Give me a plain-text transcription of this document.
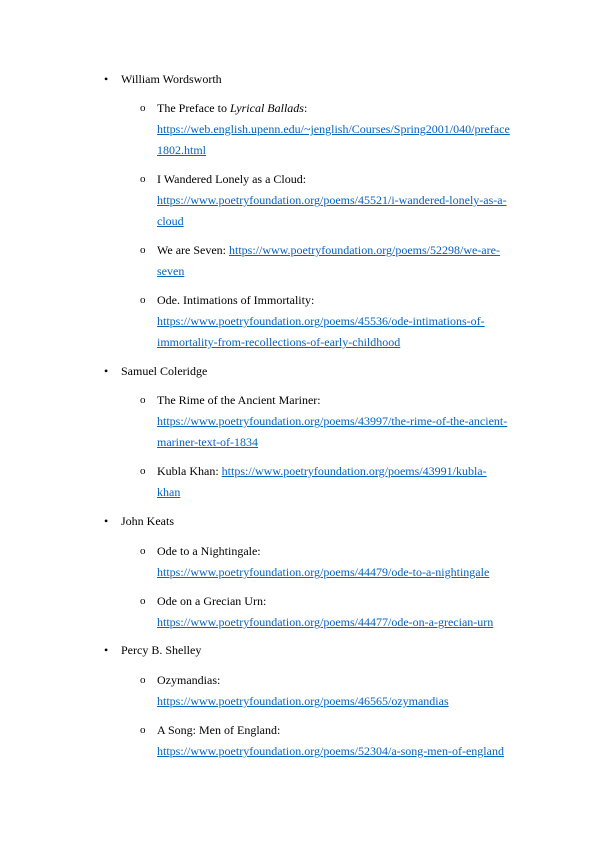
• William Wordsworth
o The Preface to Lyrical Ballads:
https://web.english.upenn.edu/~jenglish/Courses/Spring2001/040/preface
1802.html
o I Wandered Lonely as a Cloud:
https://www.poetryfoundation.org/poems/45521/i-wandered-lonely-as-a-
cloud
o We are Seven: https://www.poetryfoundation.org/poems/52298/we-are-
seven
o Ode. Intimations of Immortality:
https://www.poetryfoundation.org/poems/45536/ode-intimations-of-
immortality-from-recollections-of-early-childhood
• Samuel Coleridge
o The Rime of the Ancient Mariner:
https://www.poetryfoundation.org/poems/43997/the-rime-of-the-ancient-
mariner-text-of-1834
o Kubla Khan: https://www.poetryfoundation.org/poems/43991/kubla-
khan
• John Keats
o Ode to a Nightingale:
https://www.poetryfoundation.org/poems/44479/ode-to-a-nightingale
o Ode on a Grecian Urn:
https://www.poetryfoundation.org/poems/44477/ode-on-a-grecian-urn
• Percy B. Shelley
o Ozymandias:
https://www.poetryfoundation.org/poems/46565/ozymandias
o A Song: Men of England:
https://www.poetryfoundation.org/poems/52304/a-song-men-of-england
